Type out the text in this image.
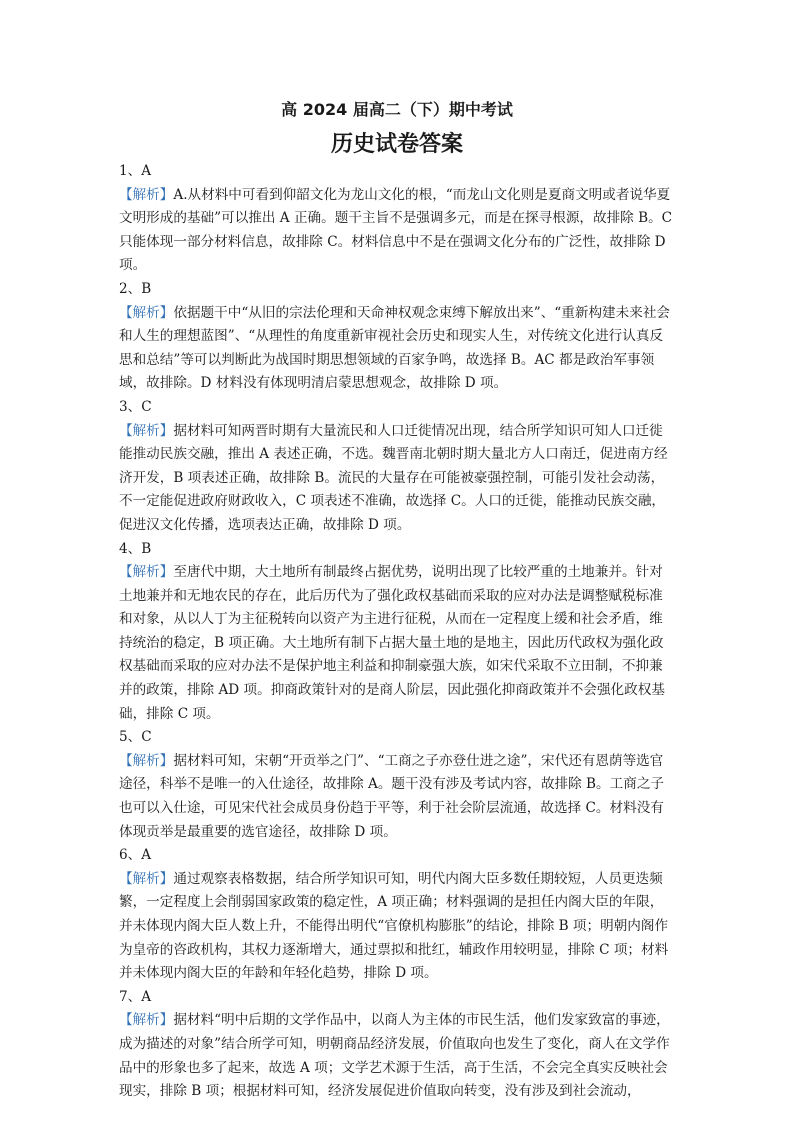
高 2024 届高二（下）期中考试
历史试卷答案
1、A

【解析】A.从材料中可看到仰韶文化为龙山文化的根，“而龙山文化则是夏商文明或者说华夏文明形成的基础”可以推出 A 正确。题干主旨不是强调多元，而是在探寻根源，故排除 B。C 只能体现一部分材料信息，故排除 C。材料信息中不是在强调文化分布的广泛性，故排除 D 项。

2、B

【解析】依据题干中“从旧的宗法伦理和天命神权观念束缚下解放出来”、“重新构建未来社会和人生的理想蓝图”、“从理性的角度重新审视社会历史和现实人生，对传统文化进行认真反思和总结”等可以判断此为战国时期思想领域的百家争鸣，故选择 B。AC 都是政治军事领域，故排除。D 材料没有体现明清启蒙思想观念，故排除 D 项。

3、C

【解析】据材料可知两晋时期有大量流民和人口迁徙情况出现，结合所学知识可知人口迁徙能推动民族交融，推出 A 表述正确，不选。魏晋南北朝时期大量北方人口南迁，促进南方经济开发，B 项表述正确，故排除 B。流民的大量存在可能被豪强控制，可能引发社会动荡，不一定能促进政府财政收入，C 项表述不准确，故选择 C。人口的迁徙，能推动民族交融，促进汉文化传播，选项表达正确，故排除 D 项。

4、B

【解析】至唐代中期，大土地所有制最终占据优势，说明出现了比较严重的土地兼并。针对土地兼并和无地农民的存在，此后历代为了强化政权基础而采取的应对办法是调整赋税标准和对象，从以人丁为主征税转向以资产为主进行征税，从而在一定程度上缓和社会矛盾，维持统治的稳定，B 项正确。大土地所有制下占据大量土地的是地主，因此历代政权为强化政权基础而采取的应对办法不是保护地主利益和抑制豪强大族，如宋代采取不立田制，不抑兼并的政策，排除 AD 项。抑商政策针对的是商人阶层，因此强化抑商政策并不会强化政权基础，排除 C 项。

5、C

【解析】据材料可知，宋朝“开贡举之门”、“工商之子亦登仕进之途”，宋代还有恩荫等选官途径，科举不是唯一的入仕途径，故排除 A。题干没有涉及考试内容，故排除 B。工商之子也可以入仕途，可见宋代社会成员身份趋于平等，利于社会阶层流通，故选择 C。材料没有体现贡举是最重要的选官途径，故排除 D 项。

6、A

【解析】通过观察表格数据，结合所学知识可知，明代内阁大臣多数任期较短，人员更迭频繁，一定程度上会削弱国家政策的稳定性，A 项正确；材料强调的是担任内阁大臣的年限，并未体现内阁大臣人数上升，不能得出明代“官僚机构膨胀”的结论，排除 B 项；明朝内阁作为皇帝的咨政机构，其权力逐渐增大，通过票拟和批红，辅政作用较明显，排除 C 项；材料并未体现内阁大臣的年龄和年轻化趋势，排除 D 项。

7、A

【解析】据材料“明中后期的文学作品中，以商人为主体的市民生活，他们发家致富的事迹，成为描述的对象”结合所学可知，明朝商品经济发展，价值取向也发生了变化，商人在文学作品中的形象也多了起来，故选 A 项；文学艺术源于生活，高于生活，不会完全真实反映社会现实，排除 B 项；根据材料可知，经济发展促进价值取向转变，没有涉及到社会流动，
